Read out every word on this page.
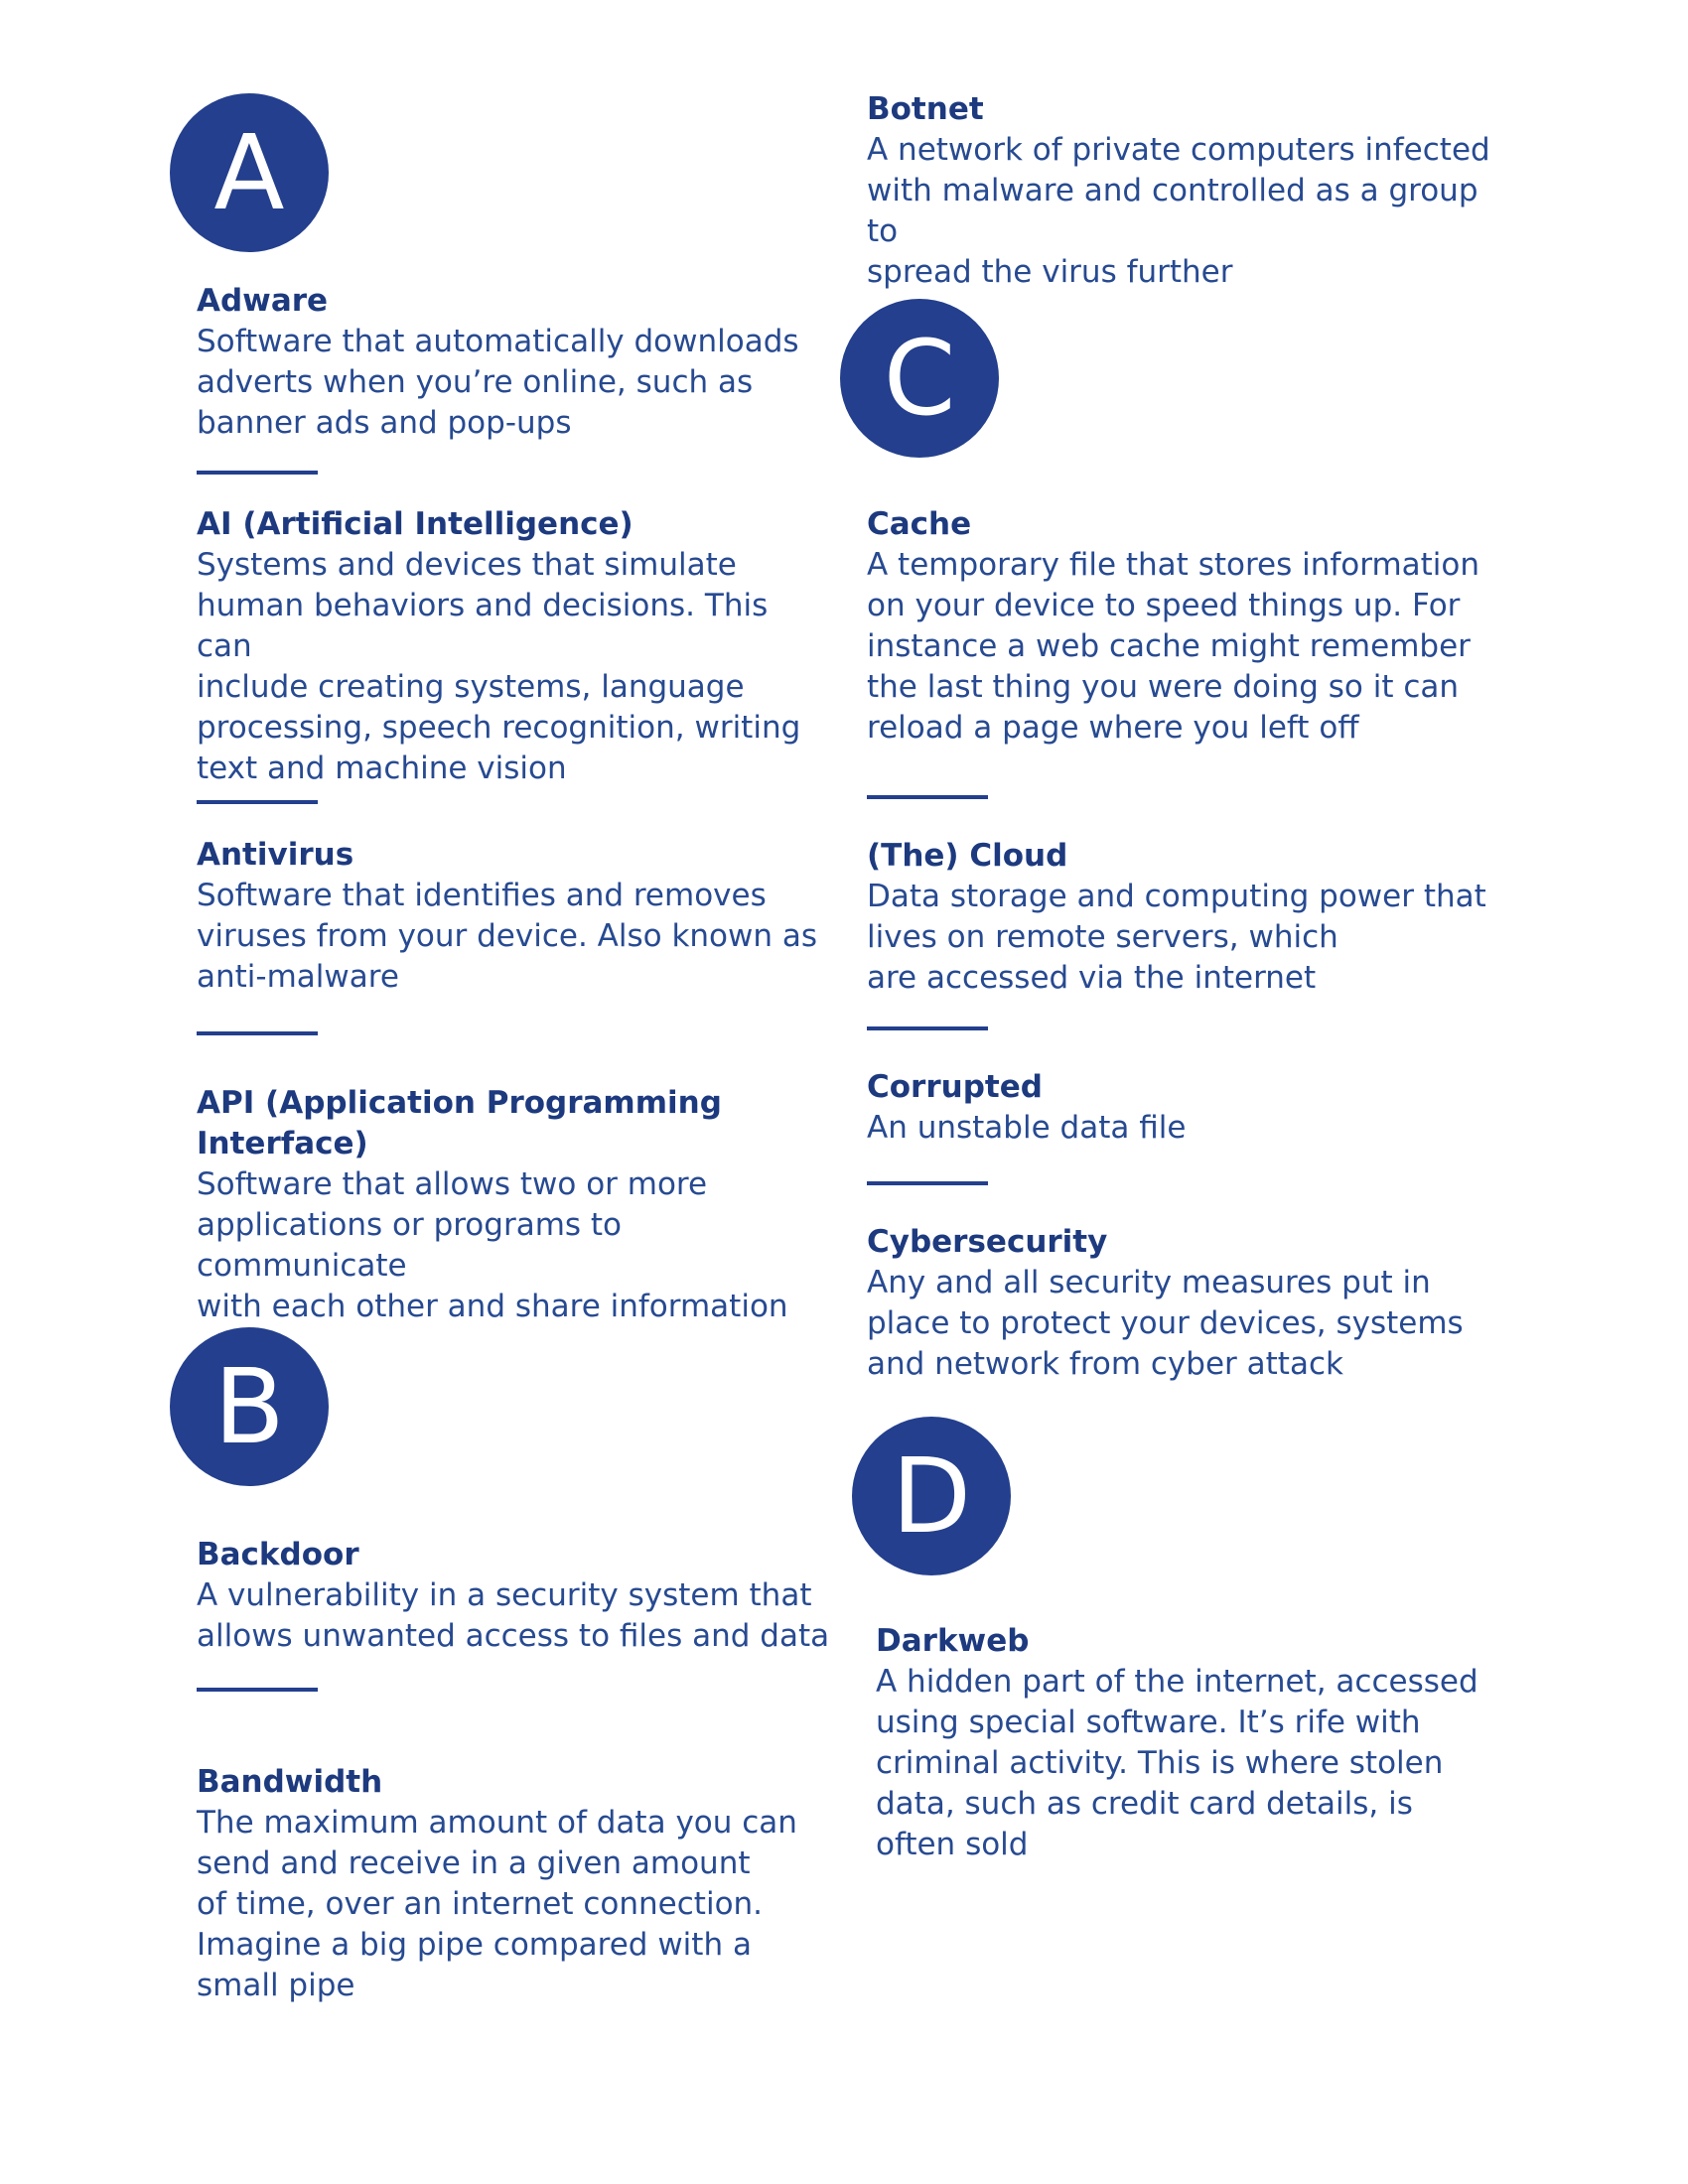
A
B
C
D

Adware

Software that automatically downloads
adverts when you’re online, such as
banner ads and pop-ups

AI (Artificial Intelligence)

Systems and devices that simulate
human behaviors and decisions. This can
include creating systems, language
processing, speech recognition, writing
text and machine vision

Antivirus

Software that identifies and removes
viruses from your device. Also known as
anti-malware

API (Application Programming
Interface)

Software that allows two or more
applications or programs to communicate
with each other and share information

Backdoor

A vulnerability in a security system that
allows unwanted access to files and data

Bandwidth

The maximum amount of data you can
send and receive in a given amount
of time, over an internet connection.
Imagine a big pipe compared with a
small pipe

Botnet

A network of private computers infected
with malware and controlled as a group to
spread the virus further

Cache

A temporary file that stores information
on your device to speed things up. For
instance a web cache might remember
the last thing you were doing so it can
reload a page where you left off

(The) Cloud

Data storage and computing power that
lives on remote servers, which
are accessed via the internet

Corrupted

An unstable data file

Cybersecurity

Any and all security measures put in
place to protect your devices, systems
and network from cyber attack

Darkweb

A hidden part of the internet, accessed
using special software. It’s rife with
criminal activity. This is where stolen
data, such as credit card details, is
often sold
